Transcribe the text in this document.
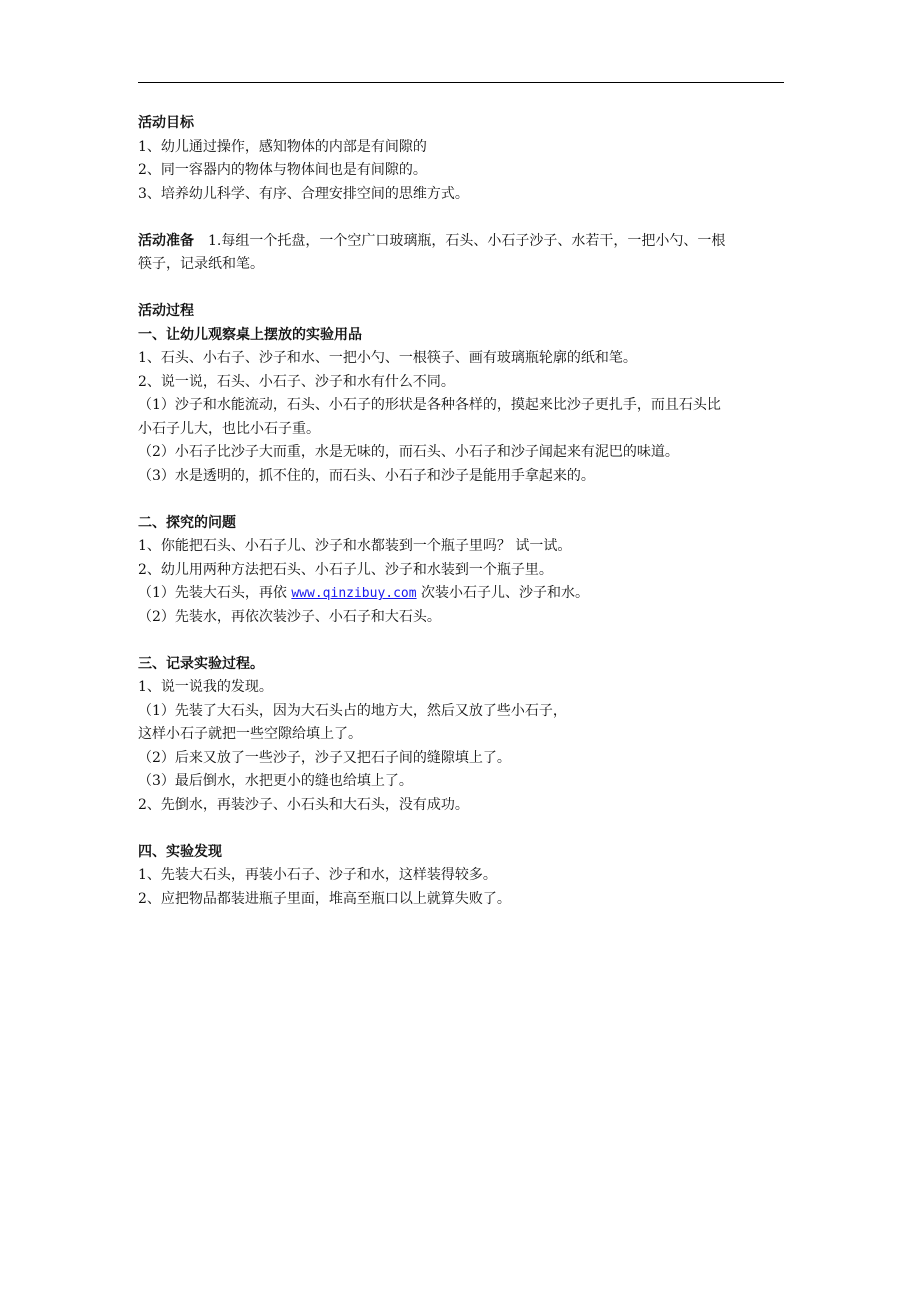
活动目标
1、幼儿通过操作，感知物体的内部是有间隙的
2、同一容器内的物体与物体间也是有间隙的。
3、培养幼儿科学、有序、合理安排空间的思维方式。
活动准备 1.每组一个托盘，一个空广口玻璃瓶，石头、小石子沙子、水若干，一把小勺、一根
筷子，记录纸和笔。
活动过程
一、让幼儿观察桌上摆放的实验用品
1、石头、小右子、沙子和水、一把小勺、一根筷子、画有玻璃瓶轮廓的纸和笔。
2、说一说，石头、小石子、沙子和水有什么不同。
（1）沙子和水能流动，石头、小石子的形状是各种各样的，摸起来比沙子更扎手，而且石头比
小石子儿大，也比小石子重。
（2）小石子比沙子大而重，水是无味的，而石头、小石子和沙子闻起来有泥巴的味道。
（3）水是透明的，抓不住的，而石头、小石子和沙子是能用手拿起来的。
二、探究的问题
1、你能把石头、小石子儿、沙子和水都装到一个瓶子里吗？ 试一试。
2、幼儿用两种方法把石头、小石子儿、沙子和水装到一个瓶子里。
（1）先装大石头，再依 www.qinzibuy.com 次装小石子儿、沙子和水。
（2）先装水，再依次装沙子、小石子和大石头。
三、记录实验过程。
1、说一说我的发现。
（1）先装了大石头，因为大石头占的地方大，然后又放了些小石子，
这样小石子就把一些空隙给填上了。
（2）后来又放了一些沙子，沙子又把石子间的缝隙填上了。
（3）最后倒水，水把更小的缝也给填上了。
2、先倒水，再装沙子、小石头和大石头，没有成功。
四、实验发现
1、先装大石头，再装小石子、沙子和水，这样装得较多。
2、应把物品都装进瓶子里面，堆高至瓶口以上就算失败了。
